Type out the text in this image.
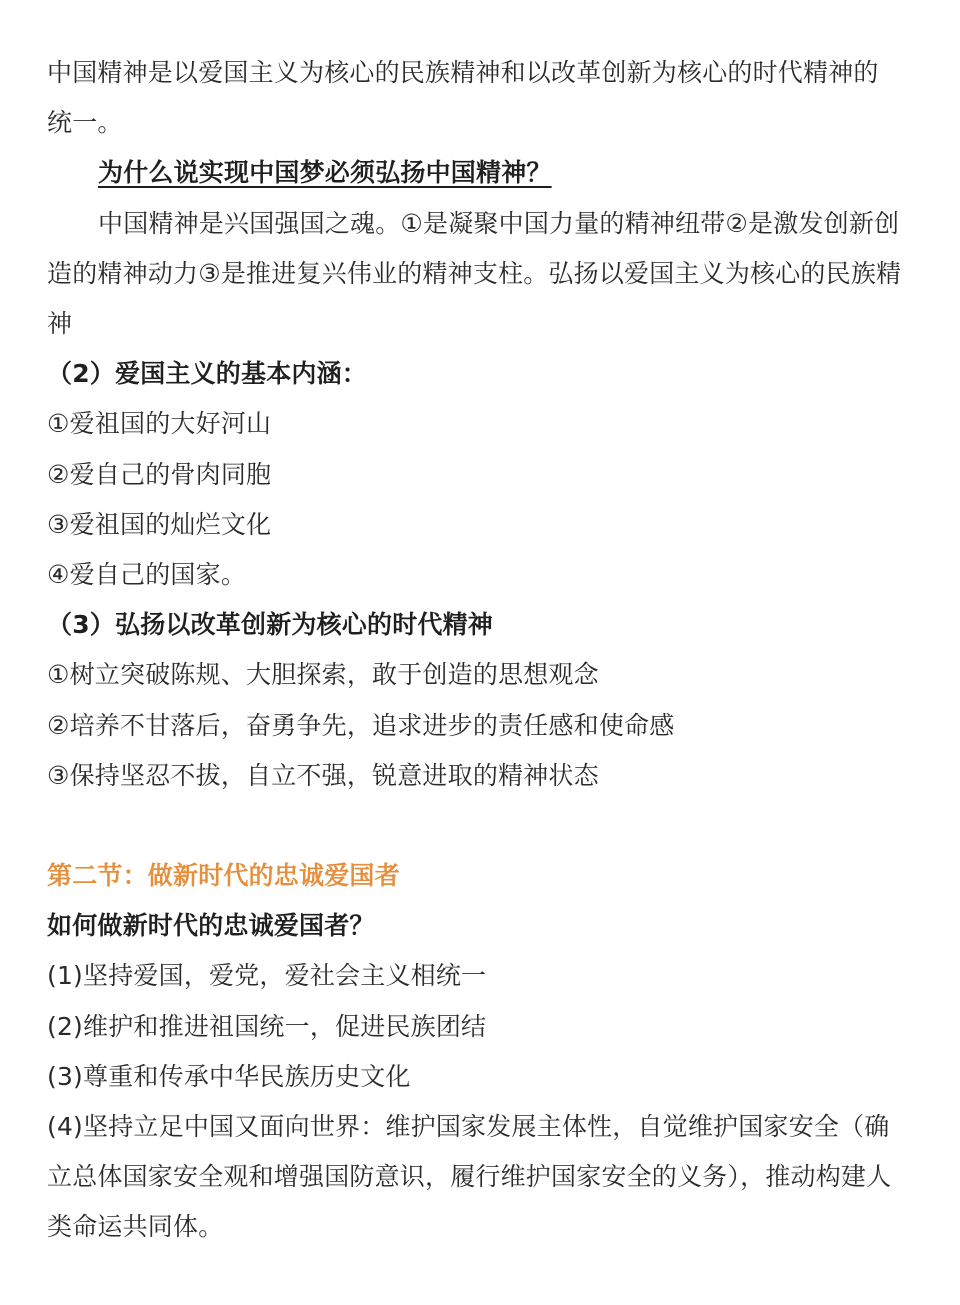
中国精神是以爱国主义为核心的民族精神和以改革创新为核心的时代精神的

统一。

为什么说实现中国梦必须弘扬中国精神？

中国精神是兴国强国之魂。①是凝聚中国力量的精神纽带②是激发创新创

造的精神动力③是推进复兴伟业的精神支柱。弘扬以爱国主义为核心的民族精

神

（2）爱国主义的基本内涵：

①爱祖国的大好河山

②爱自己的骨肉同胞

③爱祖国的灿烂文化

④爱自己的国家。

（3）弘扬以改革创新为核心的时代精神

①树立突破陈规、大胆探索，敢于创造的思想观念

②培养不甘落后，奋勇争先，追求进步的责任感和使命感

③保持坚忍不拔，自立不强，锐意进取的精神状态

第二节：做新时代的忠诚爱国者

如何做新时代的忠诚爱国者？

(1)坚持爱国，爱党，爱社会主义相统一

(2)维护和推进祖国统一，促进民族团结

(3)尊重和传承中华民族历史文化

(4)坚持立足中国又面向世界：维护国家发展主体性，自觉维护国家安全（确

立总体国家安全观和增强国防意识，履行维护国家安全的义务），推动构建人

类命运共同体。
